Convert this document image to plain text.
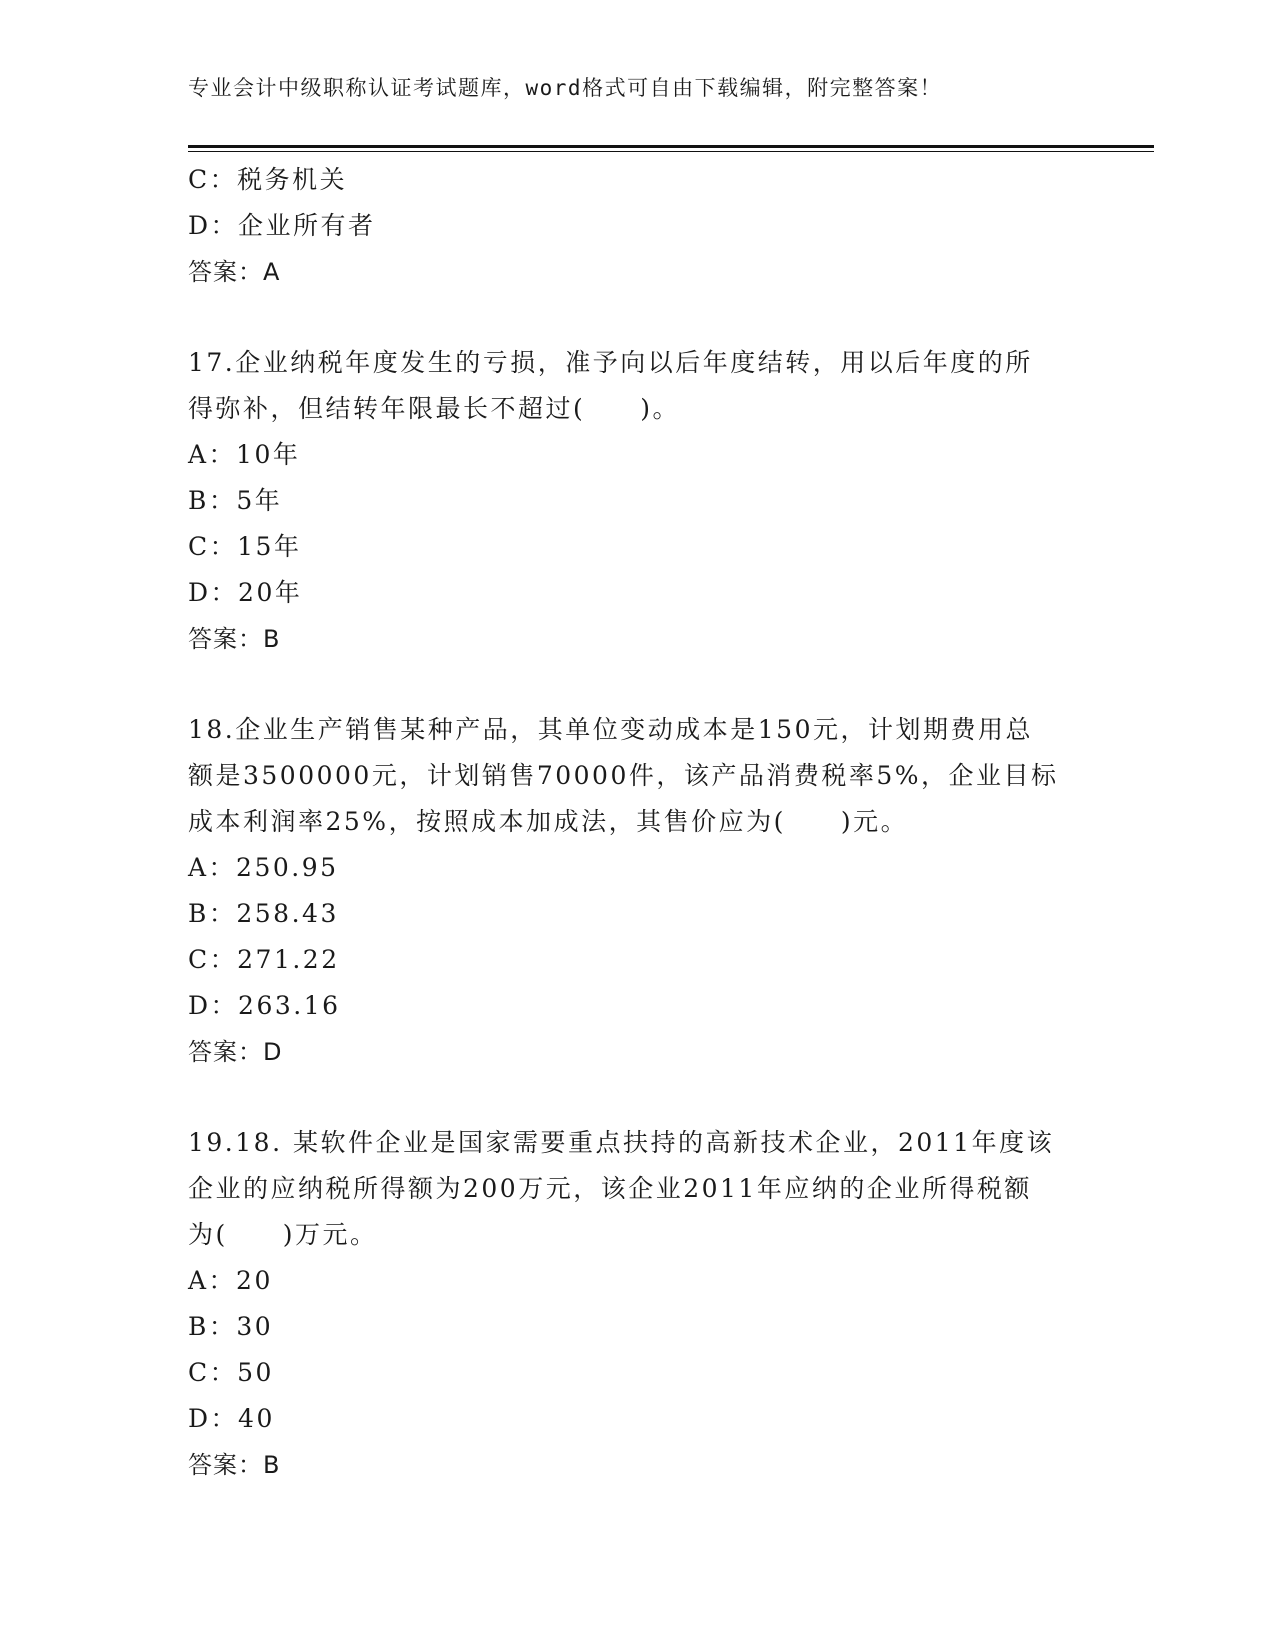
专业会计中级职称认证考试题库，word格式可自由下载编辑，附完整答案！
C：税务机关
D：企业所有者
答案：A
17.企业纳税年度发生的亏损，准予向以后年度结转，用以后年度的所
得弥补，但结转年限最长不超过(　　)。
A：10年
B：5年
C：15年
D：20年
答案：B
18.企业生产销售某种产品，其单位变动成本是150元，计划期费用总
额是3500000元，计划销售70000件，该产品消费税率5%，企业目标
成本利润率25%，按照成本加成法，其售价应为(　　)元。
A：250.95
B：258.43
C：271.22
D：263.16
答案：D
19.18. 某软件企业是国家需要重点扶持的高新技术企业，2011年度该
企业的应纳税所得额为200万元，该企业2011年应纳的企业所得税额
为(　　)万元。
A：20
B：30
C：50
D：40
答案：B
